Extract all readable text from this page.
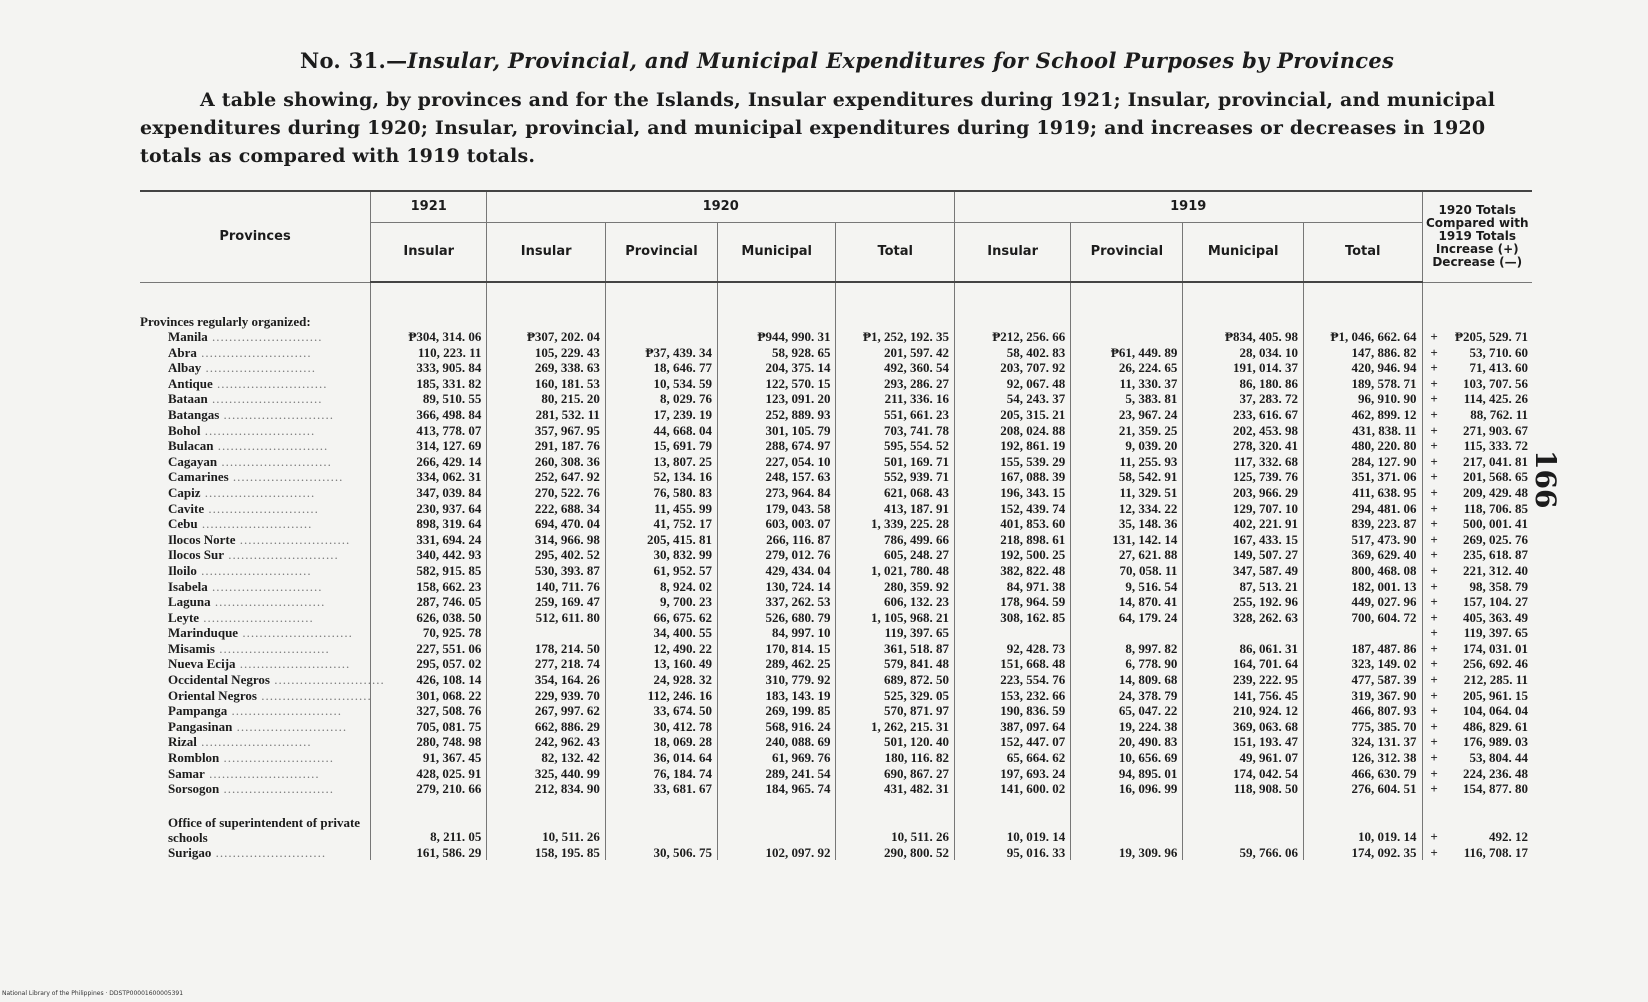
No. 31.—Insular, Provincial, and Municipal Expenditures for School Purposes by Provinces
A table showing, by provinces and for the Islands, Insular expenditures during 1921; Insular, provincial, and municipal expenditures during 1920; Insular, provincial, and municipal expenditures during 1919; and increases or decreases in 1920 totals as compared with 1919 totals.
Provinces	1921	1920				1919				1920 Totals Compared with 1919 Totals Increase (+) Decrease (—)	
	Insular	Insular	Provincial	Municipal	Total	Insular	Provincial	Municipal	Total		

Provinces regularly organized:											
Manila ..........................	₱304, 314. 06	₱307, 202. 04		₱944, 990. 31	₱1, 252, 192. 35	₱212, 256. 66		₱834, 405. 98	₱1, 046, 662. 64	+	₱205, 529. 71
Abra ..........................	110, 223. 11	105, 229. 43	₱37, 439. 34	58, 928. 65	201, 597. 42	58, 402. 83	₱61, 449. 89	28, 034. 10	147, 886. 82	+	53, 710. 60
Albay ..........................	333, 905. 84	269, 338. 63	18, 646. 77	204, 375. 14	492, 360. 54	203, 707. 92	26, 224. 65	191, 014. 37	420, 946. 94	+	71, 413. 60
Antique ..........................	185, 331. 82	160, 181. 53	10, 534. 59	122, 570. 15	293, 286. 27	92, 067. 48	11, 330. 37	86, 180. 86	189, 578. 71	+	103, 707. 56
Bataan ..........................	89, 510. 55	80, 215. 20	8, 029. 76	123, 091. 20	211, 336. 16	54, 243. 37	5, 383. 81	37, 283. 72	96, 910. 90	+	114, 425. 26
Batangas ..........................	366, 498. 84	281, 532. 11	17, 239. 19	252, 889. 93	551, 661. 23	205, 315. 21	23, 967. 24	233, 616. 67	462, 899. 12	+	88, 762. 11
Bohol ..........................	413, 778. 07	357, 967. 95	44, 668. 04	301, 105. 79	703, 741. 78	208, 024. 88	21, 359. 25	202, 453. 98	431, 838. 11	+	271, 903. 67
Bulacan ..........................	314, 127. 69	291, 187. 76	15, 691. 79	288, 674. 97	595, 554. 52	192, 861. 19	9, 039. 20	278, 320. 41	480, 220. 80	+	115, 333. 72
Cagayan ..........................	266, 429. 14	260, 308. 36	13, 807. 25	227, 054. 10	501, 169. 71	155, 539. 29	11, 255. 93	117, 332. 68	284, 127. 90	+	217, 041. 81
Camarines ..........................	334, 062. 31	252, 647. 92	52, 134. 16	248, 157. 63	552, 939. 71	167, 088. 39	58, 542. 91	125, 739. 76	351, 371. 06	+	201, 568. 65
Capiz ..........................	347, 039. 84	270, 522. 76	76, 580. 83	273, 964. 84	621, 068. 43	196, 343. 15	11, 329. 51	203, 966. 29	411, 638. 95	+	209, 429. 48
Cavite ..........................	230, 937. 64	222, 688. 34	11, 455. 99	179, 043. 58	413, 187. 91	152, 439. 74	12, 334. 22	129, 707. 10	294, 481. 06	+	118, 706. 85
Cebu ..........................	898, 319. 64	694, 470. 04	41, 752. 17	603, 003. 07	1, 339, 225. 28	401, 853. 60	35, 148. 36	402, 221. 91	839, 223. 87	+	500, 001. 41
Ilocos Norte ..........................	331, 694. 24	314, 966. 98	205, 415. 81	266, 116. 87	786, 499. 66	218, 898. 61	131, 142. 14	167, 433. 15	517, 473. 90	+	269, 025. 76
Ilocos Sur ..........................	340, 442. 93	295, 402. 52	30, 832. 99	279, 012. 76	605, 248. 27	192, 500. 25	27, 621. 88	149, 507. 27	369, 629. 40	+	235, 618. 87
Iloilo ..........................	582, 915. 85	530, 393. 87	61, 952. 57	429, 434. 04	1, 021, 780. 48	382, 822. 48	70, 058. 11	347, 587. 49	800, 468. 08	+	221, 312. 40
Isabela ..........................	158, 662. 23	140, 711. 76	8, 924. 02	130, 724. 14	280, 359. 92	84, 971. 38	9, 516. 54	87, 513. 21	182, 001. 13	+	98, 358. 79
Laguna ..........................	287, 746. 05	259, 169. 47	9, 700. 23	337, 262. 53	606, 132. 23	178, 964. 59	14, 870. 41	255, 192. 96	449, 027. 96	+	157, 104. 27
Leyte ..........................	626, 038. 50	512, 611. 80	66, 675. 62	526, 680. 79	1, 105, 968. 21	308, 162. 85	64, 179. 24	328, 262. 63	700, 604. 72	+	405, 363. 49
Marinduque ..........................	70, 925. 78		34, 400. 55	84, 997. 10	119, 397. 65					+	119, 397. 65
Misamis ..........................	227, 551. 06	178, 214. 50	12, 490. 22	170, 814. 15	361, 518. 87	92, 428. 73	8, 997. 82	86, 061. 31	187, 487. 86	+	174, 031. 01
Nueva Ecija ..........................	295, 057. 02	277, 218. 74	13, 160. 49	289, 462. 25	579, 841. 48	151, 668. 48	6, 778. 90	164, 701. 64	323, 149. 02	+	256, 692. 46
Occidental Negros ..........................	426, 108. 14	354, 164. 26	24, 928. 32	310, 779. 92	689, 872. 50	223, 554. 76	14, 809. 68	239, 222. 95	477, 587. 39	+	212, 285. 11
Oriental Negros ..........................	301, 068. 22	229, 939. 70	112, 246. 16	183, 143. 19	525, 329. 05	153, 232. 66	24, 378. 79	141, 756. 45	319, 367. 90	+	205, 961. 15
Pampanga ..........................	327, 508. 76	267, 997. 62	33, 674. 50	269, 199. 85	570, 871. 97	190, 836. 59	65, 047. 22	210, 924. 12	466, 807. 93	+	104, 064. 04
Pangasinan ..........................	705, 081. 75	662, 886. 29	30, 412. 78	568, 916. 24	1, 262, 215. 31	387, 097. 64	19, 224. 38	369, 063. 68	775, 385. 70	+	486, 829. 61
Rizal ..........................	280, 748. 98	242, 962. 43	18, 069. 28	240, 088. 69	501, 120. 40	152, 447. 07	20, 490. 83	151, 193. 47	324, 131. 37	+	176, 989. 03
Romblon ..........................	91, 367. 45	82, 132. 42	36, 014. 64	61, 969. 76	180, 116. 82	65, 664. 62	10, 656. 69	49, 961. 07	126, 312. 38	+	53, 804. 44
Samar ..........................	428, 025. 91	325, 440. 99	76, 184. 74	289, 241. 54	690, 867. 27	197, 693. 24	94, 895. 01	174, 042. 54	466, 630. 79	+	224, 236. 48
Sorsogon ..........................	279, 210. 66	212, 834. 90	33, 681. 67	184, 965. 74	431, 482. 31	141, 600. 02	16, 096. 99	118, 908. 50	276, 604. 51	+	154, 877. 80
Office of superintendent of private schools	8, 211. 05	10, 511. 26			10, 511. 26	10, 019. 14			10, 019. 14	+	492. 12
Surigao ..........................	161, 586. 29	158, 195. 85	30, 506. 75	102, 097. 92	290, 800. 52	95, 016. 33	19, 309. 96	59, 766. 06	174, 092. 35	+	116, 708. 17
166
National Library of the Philippines · DDSTP00001600005391
